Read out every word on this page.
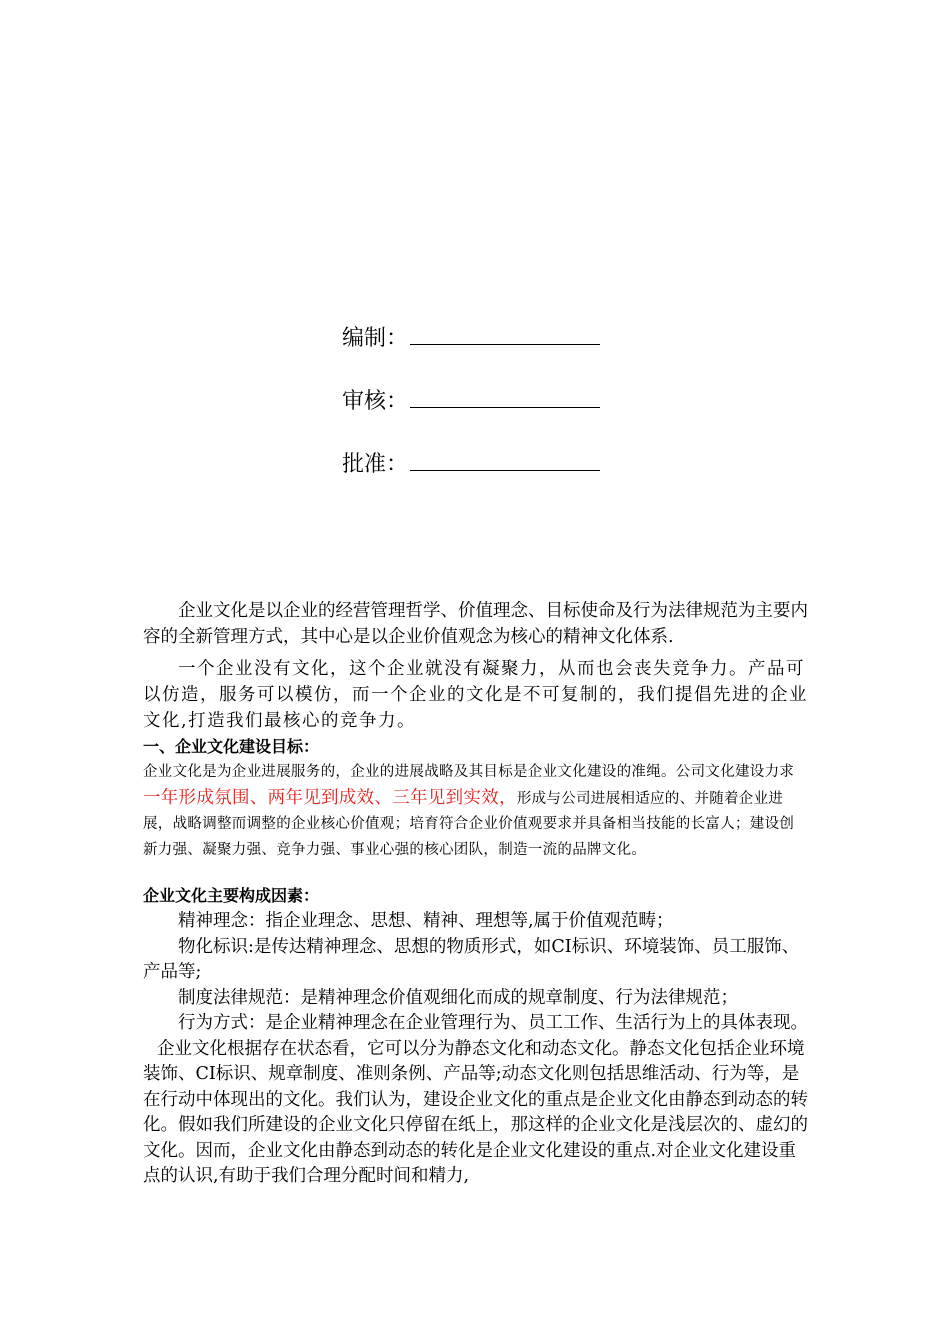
编制：
审核：
批准：

企业文化是以企业的经营管理哲学、价值理念、目标使命及行为法律规范为主要内容的全新管理方式，其中心是以企业价值观念为核心的精神文化体系.

一个企业没有文化，这个企业就没有凝聚力，从而也会丧失竞争力。产品可以仿造，服务可以模仿，而一个企业的文化是不可复制的，我们提倡先进的企业文化,打造我们最核心的竞争力。

一、企业文化建设目标：

企业文化是为企业进展服务的，企业的进展战略及其目标是企业文化建设的准绳。公司文化建设力求一年形成氛围、两年见到成效、三年见到实效，形成与公司进展相适应的、并随着企业进展，战略调整而调整的企业核心价值观；培育符合企业价值观要求并具备相当技能的长富人；建设创新力强、凝聚力强、竞争力强、事业心强的核心团队，制造一流的品牌文化。

企业文化主要构成因素：

精神理念：指企业理念、思想、精神、理想等,属于价值观范畴；

物化标识:是传达精神理念、思想的物质形式，如CI标识、环境装饰、员工服饰、产品等;

制度法律规范：是精神理念价值观细化而成的规章制度、行为法律规范；

行为方式：是企业精神理念在企业管理行为、员工工作、生活行为上的具体表现。

企业文化根据存在状态看，它可以分为静态文化和动态文化。静态文化包括企业环境装饰、CI标识、规章制度、准则条例、产品等;动态文化则包括思维活动、行为等，是在行动中体现出的文化。我们认为，建设企业文化的重点是企业文化由静态到动态的转化。假如我们所建设的企业文化只停留在纸上，那这样的企业文化是浅层次的、虚幻的文化。因而，企业文化由静态到动态的转化是企业文化建设的重点.对企业文化建设重点的认识,有助于我们合理分配时间和精力,
